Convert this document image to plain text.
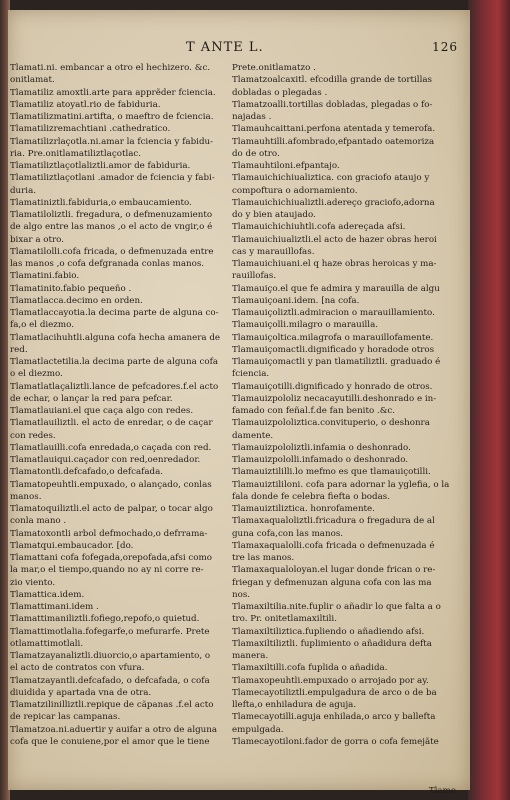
T ANTE L.	126
Tlamati.ni. embancar a otro el hechizero. &c.
onitlamat.
Tlamatiliz amoxtli.arte para apprẽder fciencia.
Tlamatiliz atoyatl.rio de fabiduria.
Tlamatilizmatini.artifta, o maeftro de fciencia.
Tlamatilizremachtiani .cathedratico.
Tlamatilizrlaçotla.ni.amar la fciencia y fabidu-
ria. Pre.onitlamatiliztlaçotlac.
Tlamatiliztlaçotlaliztli.amor de fabiduria.
Tlamatiliztlaçotlani .amador de fciencia y fabi-
duria.
Tlamatiniztli.fabiduria,o embaucamiento.
Tlamatiloliztli. fregadura, o defmenuzamiento
de algo entre las manos ,o el acto de vngir,o é
bixar a otro.
Tlamatilolli.cofa fricada, o defmenuzada entre
las manos ,o cofa defgranada conlas manos.
Tlamatini.fabio.
Tlamatinito.fabio pequeño .
Tlamatlacca.decimo en orden.
Tlamatlaccayotia.la decima parte de alguna co-
fa,o el diezmo.
Tlamatlacihuhtli.alguna cofa hecha amanera de
red.
Tlamatlactetilia.la decima parte de alguna cofa
o el diezmo.
Tlamatlatlaçaliztli.lance de pefcadores.f.el acto
de echar, o lançar la red para pefcar.
Tlamatlauiani.el que caça algo con redes.
Tlamatlauiliztli. el acto de enredar, o de caçar
con redes.
Tlamatlauilli.cofa enredada,o caçada con red.
Tlamatlauiqui.caçador con red,oenredador.
Tlamatontli.defcafado,o defcafada.
Tlamatopeuhtli.empuxado, o alançado, conlas
manos.
Tlamatoquiliztli.el acto de palpar, o tocar algo
conla mano .
Tlamatoxontli arbol defmochado,o defrrama-
Tlamatqui.embaucador. [do.
Tlamattani cofa fofegada,orepofada,afsi como
la mar,o el tiempo,quando no ay ni corre re-
zio viento.
Tlamattica.idem.
Tlamattimani.idem .
Tlamattimaniliztli.fofiego,repofo,o quietud.
Tlamattimotlalia.fofegarfe,o mefurarfe. Prete
otlamattimotlali.
Tlamatzayanaliztli.diuorcio,o apartamiento, o
el acto de contratos con vfura.
Tlamatzayantli.defcafado, o defcafada, o cofa
diuidida y apartada vna de otra.
Tlamatzilinilliztli.repique de cãpanas .f.el acto
de repicar las campanas.
Tlamatzoa.ni.aduertir y auifar a otro de alguna
cofa que le conuiene,por el amor que le tiene
Prete.onitlamatzo .
Tlamatzoalcaxitl. efcodilla grande de tortillas
dobladas o plegadas .
Tlamatzoalli.tortillas dobladas, plegadas o fo-
najadas .
Tlamauhcaittani.perfona atentada y temerofa.
Tlamauhtilli.afombrado,efpantado oatemoriza
do de otro.
Tlamauhtiloni.efpantajo.
Tlamauichichiualiztica. con graciofo ataujo y
compoftura o adornamiento.
Tlamauichichiualiztli.adereço graciofo,adorna
do y bien ataujado.
Tlamauichichiuhtli.cofa adereçada afsi.
Tlamauichiualiztli.el acto de hazer obras heroi
cas y marauillofas.
Tlamauichiuani.el q haze obras heroicas y ma-
rauillofas.
Tlamauiço.el que fe admira y marauilla de algu
Tlamauiçoani.idem. [na cofa.
Tlamauiçoliztli.admiracion o marauillamiento.
Tlamauiçolli.milagro o marauilla.
Tlamauiçoltica.milagrofa o marauillofamente.
Tlamauiçomactli.dignificado y horadode otros
Tlamauiçomactli y pan tlamatiliztli. graduado é
fciencia.
Tlamauiçotilli.dignificado y honrado de otros.
Tlamauizpololiz necacayutilli.deshonrado e in-
famado con feñal.f.de fan benito .&c.
Tlamauizpololiztica.convituperio, o deshonra
damente.
Tlamauizpololiztli.infamia o deshonrado.
Tlamauizpololli.infamado o deshonrado.
Tlamauiztililli.lo mefmo es que tlamauiçotilli.
Tlamauiztililoni. cofa para adornar la yglefia, o la
fala donde fe celebra fiefta o bodas.
Tlamauiztiliztica. honrofamente.
Tlamaxaqualoliztli.fricadura o fregadura de al
guna cofa,con las manos.
Tlamaxaqualolli.cofa fricada o defmenuzada é
tre las manos.
Tlamaxaqualoloyan.el lugar donde frican o re-
friegan y defmenuzan alguna cofa con las ma
nos.
Tlamaxiltilia.nite.fuplir o añadir lo que falta a o
tro. Pr. onitetlamaxiltili.
Tlamaxiltiliztica.fupliendo o añadiendo afsi.
Tlamaxiltiliztli. fuplimiento o añadidura defta
manera.
Tlamaxiltilli.cofa fuplida o añadida.
Tlamaxopeuhtli.empuxado o arrojado por ay.
Tlamecayotiliztli.empulgadura de arco o de ba
llefta,o enhiladura de aguja.
Tlamecayotilli.aguja enhilada,o arco y ballefta
empulgada.
Tlamecayotiloni.fador de gorra o cofa femejãte
Tlame
